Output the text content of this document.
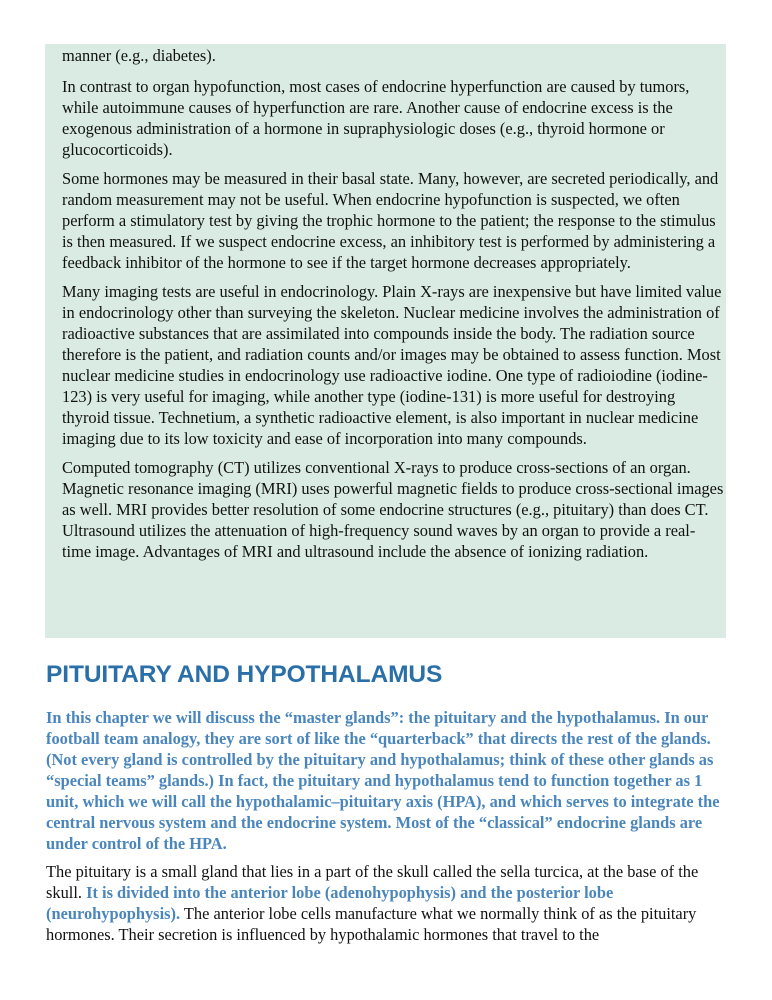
manner (e.g., diabetes).

In contrast to organ hypofunction, most cases of endocrine hyperfunction are caused by tumors, while autoimmune causes of hyperfunction are rare. Another cause of endocrine excess is the exogenous administration of a hormone in supraphysiologic doses (e.g., thyroid hormone or glucocorticoids).

Some hormones may be measured in their basal state. Many, however, are secreted periodically, and random measurement may not be useful. When endocrine hypofunction is suspected, we often perform a stimulatory test by giving the trophic hormone to the patient; the response to the stimulus is then measured. If we suspect endocrine excess, an inhibitory test is performed by administering a feedback inhibitor of the hormone to see if the target hormone decreases appropriately.

Many imaging tests are useful in endocrinology. Plain X-rays are inexpensive but have limited value in endocrinology other than surveying the skeleton. Nuclear medicine involves the administration of radioactive substances that are assimilated into compounds inside the body. The radiation source therefore is the patient, and radiation counts and/or images may be obtained to assess function. Most nuclear medicine studies in endocrinology use radioactive iodine. One type of radioiodine (iodine-123) is very useful for imaging, while another type (iodine-131) is more useful for destroying thyroid tissue. Technetium, a synthetic radioactive element, is also important in nuclear medicine imaging due to its low toxicity and ease of incorporation into many compounds.

Computed tomography (CT) utilizes conventional X-rays to produce cross-sections of an organ. Magnetic resonance imaging (MRI) uses powerful magnetic fields to produce cross-sectional images as well. MRI provides better resolution of some endocrine structures (e.g., pituitary) than does CT. Ultrasound utilizes the attenuation of high-frequency sound waves by an organ to provide a real-time image. Advantages of MRI and ultrasound include the absence of ionizing radiation.

PITUITARY AND HYPOTHALAMUS

In this chapter we will discuss the “master glands”: the pituitary and the hypothalamus. In our football team analogy, they are sort of like the “quarterback” that directs the rest of the glands. (Not every gland is controlled by the pituitary and hypothalamus; think of these other glands as “special teams” glands.) In fact, the pituitary and hypothalamus tend to function together as 1 unit, which we will call the hypothalamic–pituitary axis (HPA), and which serves to integrate the central nervous system and the endocrine system. Most of the “classical” endocrine glands are under control of the HPA.

The pituitary is a small gland that lies in a part of the skull called the sella turcica, at the base of the skull. It is divided into the anterior lobe (adenohypophysis) and the posterior lobe (neurohypophysis). The anterior lobe cells manufacture what we normally think of as the pituitary hormones. Their secretion is influenced by hypothalamic hormones that travel to the
